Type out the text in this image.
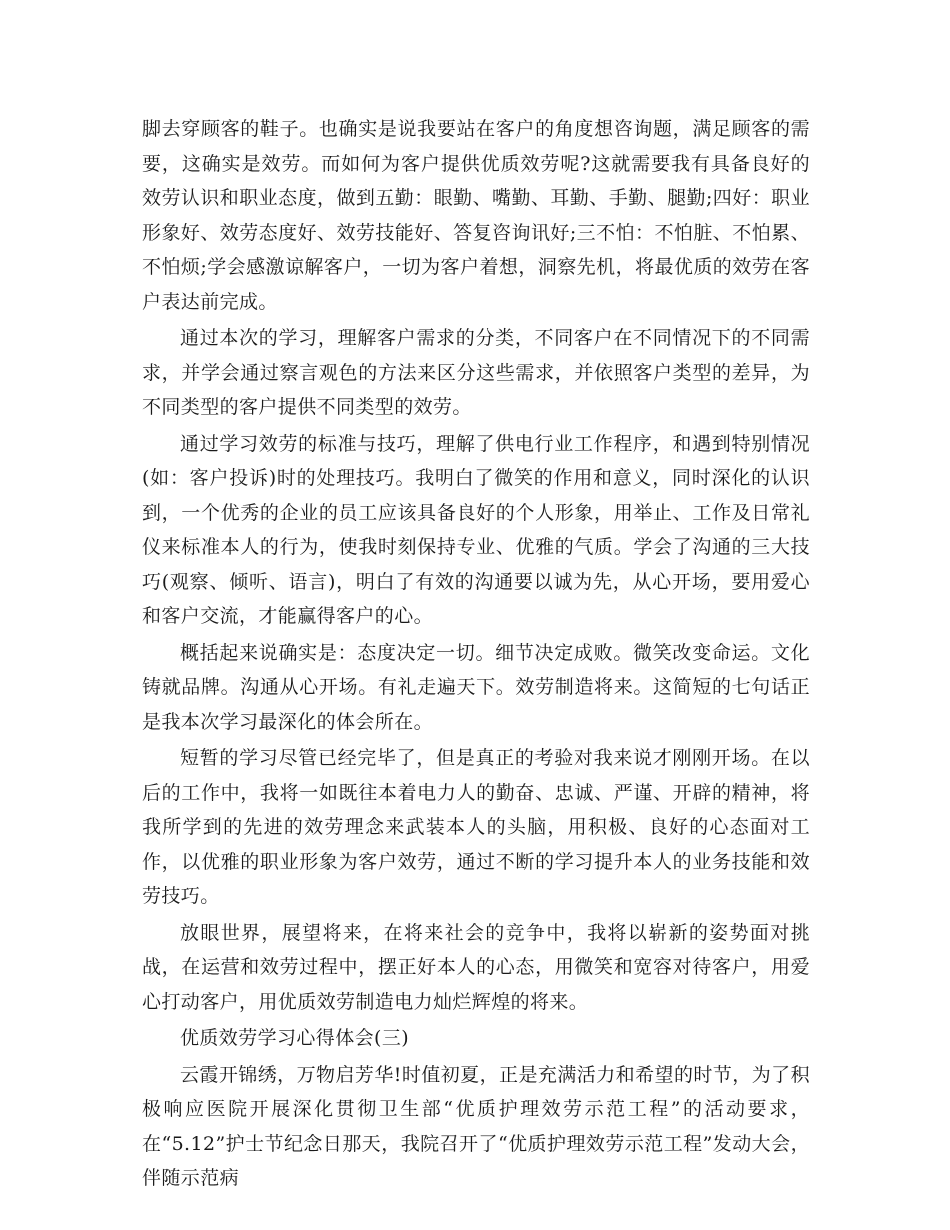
脚去穿顾客的鞋子。也确实是说我要站在客户的角度想咨询题，满足顾客的需要，这确实是效劳。而如何为客户提供优质效劳呢?这就需要我有具备良好的效劳认识和职业态度，做到五勤：眼勤、嘴勤、耳勤、手勤、腿勤;四好：职业形象好、效劳态度好、效劳技能好、答复咨询讯好;三不怕：不怕脏、不怕累、不怕烦;学会感激谅解客户，一切为客户着想，洞察先机，将最优质的效劳在客户表达前完成。

通过本次的学习，理解客户需求的分类，不同客户在不同情况下的不同需求，并学会通过察言观色的方法来区分这些需求，并依照客户类型的差异，为不同类型的客户提供不同类型的效劳。

通过学习效劳的标准与技巧，理解了供电行业工作程序，和遇到特别情况(如：客户投诉)时的处理技巧。我明白了微笑的作用和意义，同时深化的认识到，一个优秀的企业的员工应该具备良好的个人形象，用举止、工作及日常礼仪来标准本人的行为，使我时刻保持专业、优雅的气质。学会了沟通的三大技巧(观察、倾听、语言)，明白了有效的沟通要以诚为先，从心开场，要用爱心和客户交流，才能赢得客户的心。

概括起来说确实是：态度决定一切。细节决定成败。微笑改变命运。文化铸就品牌。沟通从心开场。有礼走遍天下。效劳制造将来。这简短的七句话正是我本次学习最深化的体会所在。

短暂的学习尽管已经完毕了，但是真正的考验对我来说才刚刚开场。在以后的工作中，我将一如既往本着电力人的勤奋、忠诚、严谨、开辟的精神，将我所学到的先进的效劳理念来武装本人的头脑，用积极、良好的心态面对工作，以优雅的职业形象为客户效劳，通过不断的学习提升本人的业务技能和效劳技巧。

放眼世界，展望将来，在将来社会的竞争中，我将以崭新的姿势面对挑战，在运营和效劳过程中，摆正好本人的心态，用微笑和宽容对待客户，用爱心打动客户，用优质效劳制造电力灿烂辉煌的将来。

优质效劳学习心得体会(三)

云霞开锦绣，万物启芳华!时值初夏，正是充满活力和希望的时节，为了积极响应医院开展深化贯彻卫生部“优质护理效劳示范工程”的活动要求，在“5.12”护士节纪念日那天，我院召开了“优质护理效劳示范工程”发动大会，伴随示范病
